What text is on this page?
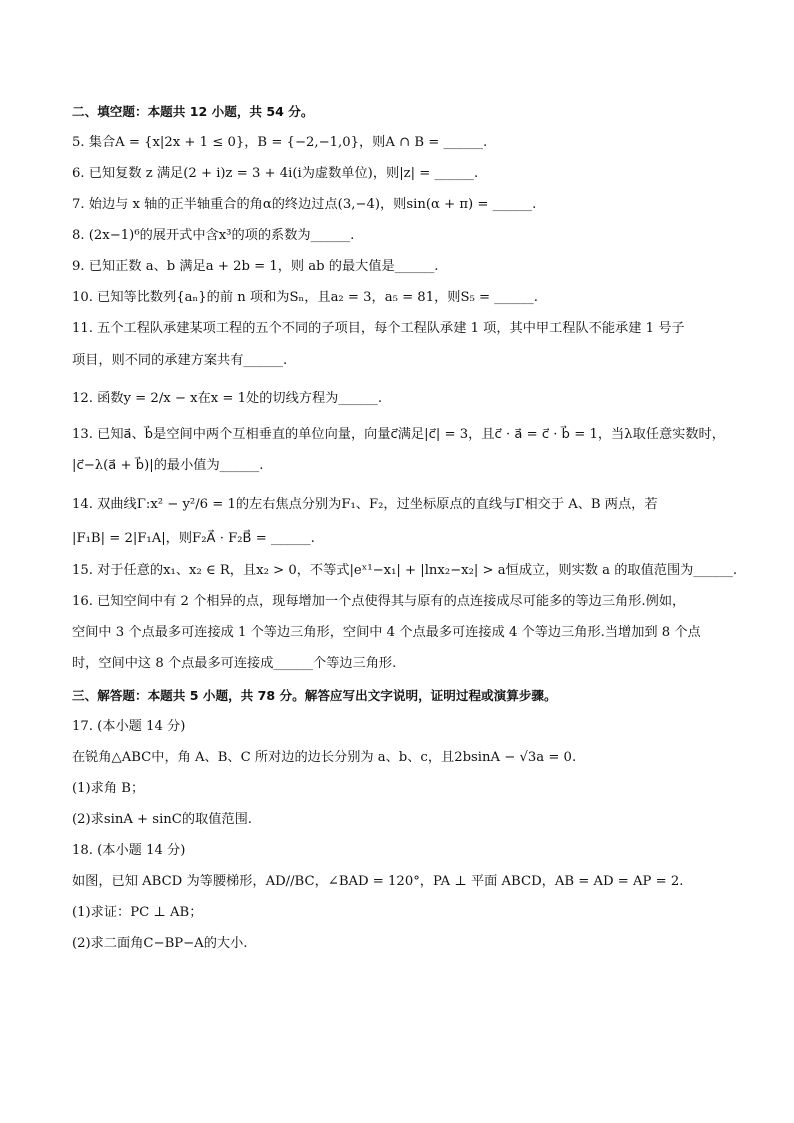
二、填空题：本题共 12 小题，共 54 分。
5. 集合A = {x|2x + 1 ≤ 0}，B = {−2,−1,0}，则A ∩ B = ______.
6. 已知复数 z 满足(2 + i)z = 3 + 4i(i为虚数单位)，则|z| = ______.
7. 始边与 x 轴的正半轴重合的角α的终边过点(3,−4)，则sin(α + π) = ______.
8. (2x−1)⁶的展开式中含x³的项的系数为______.
9. 已知正数 a、b 满足a + 2b = 1，则 ab 的最大值是______.
10. 已知等比数列{aₙ}的前 n 项和为Sₙ，且a₂ = 3，a₅ = 81，则S₅ = ______.
11. 五个工程队承建某项工程的五个不同的子项目，每个工程队承建 1 项，其中甲工程队不能承建 1 号子
项目，则不同的承建方案共有______.
12. 函数y = 2/x − x在x = 1处的切线方程为______.
13. 已知a⃗、b⃗是空间中两个互相垂直的单位向量，向量c⃗满足|c⃗| = 3，且c⃗ · a⃗ = c⃗ · b⃗ = 1，当λ取任意实数时，
|c⃗−λ(a⃗ + b⃗)|的最小值为______.
14. 双曲线Γ:x² − y²/6 = 1的左右焦点分别为F₁、F₂，过坐标原点的直线与Γ相交于 A、B 两点，若
|F₁B| = 2|F₁A|，则F₂A⃗ · F₂B⃗ = ______.
15. 对于任意的x₁、x₂ ∈ R，且x₂ > 0，不等式|eˣ¹−x₁| + |lnx₂−x₂| > a恒成立，则实数 a 的取值范围为______.
16. 已知空间中有 2 个相异的点，现每增加一个点使得其与原有的点连接成尽可能多的等边三角形.例如，
空间中 3 个点最多可连接成 1 个等边三角形，空间中 4 个点最多可连接成 4 个等边三角形.当增加到 8 个点
时，空间中这 8 个点最多可连接成______个等边三角形.
三、解答题：本题共 5 小题，共 78 分。解答应写出文字说明，证明过程或演算步骤。
17. (本小题 14 分)
在锐角△ABC中，角 A、B、C 所对边的边长分别为 a、b、c，且2bsinA − √3a = 0.
(1)求角 B；
(2)求sinA + sinC的取值范围.
18. (本小题 14 分)
如图，已知 ABCD 为等腰梯形，AD//BC，∠BAD = 120°，PA ⊥ 平面 ABCD，AB = AD = AP = 2.
(1)求证：PC ⊥ AB；
(2)求二面角C−BP−A的大小.
